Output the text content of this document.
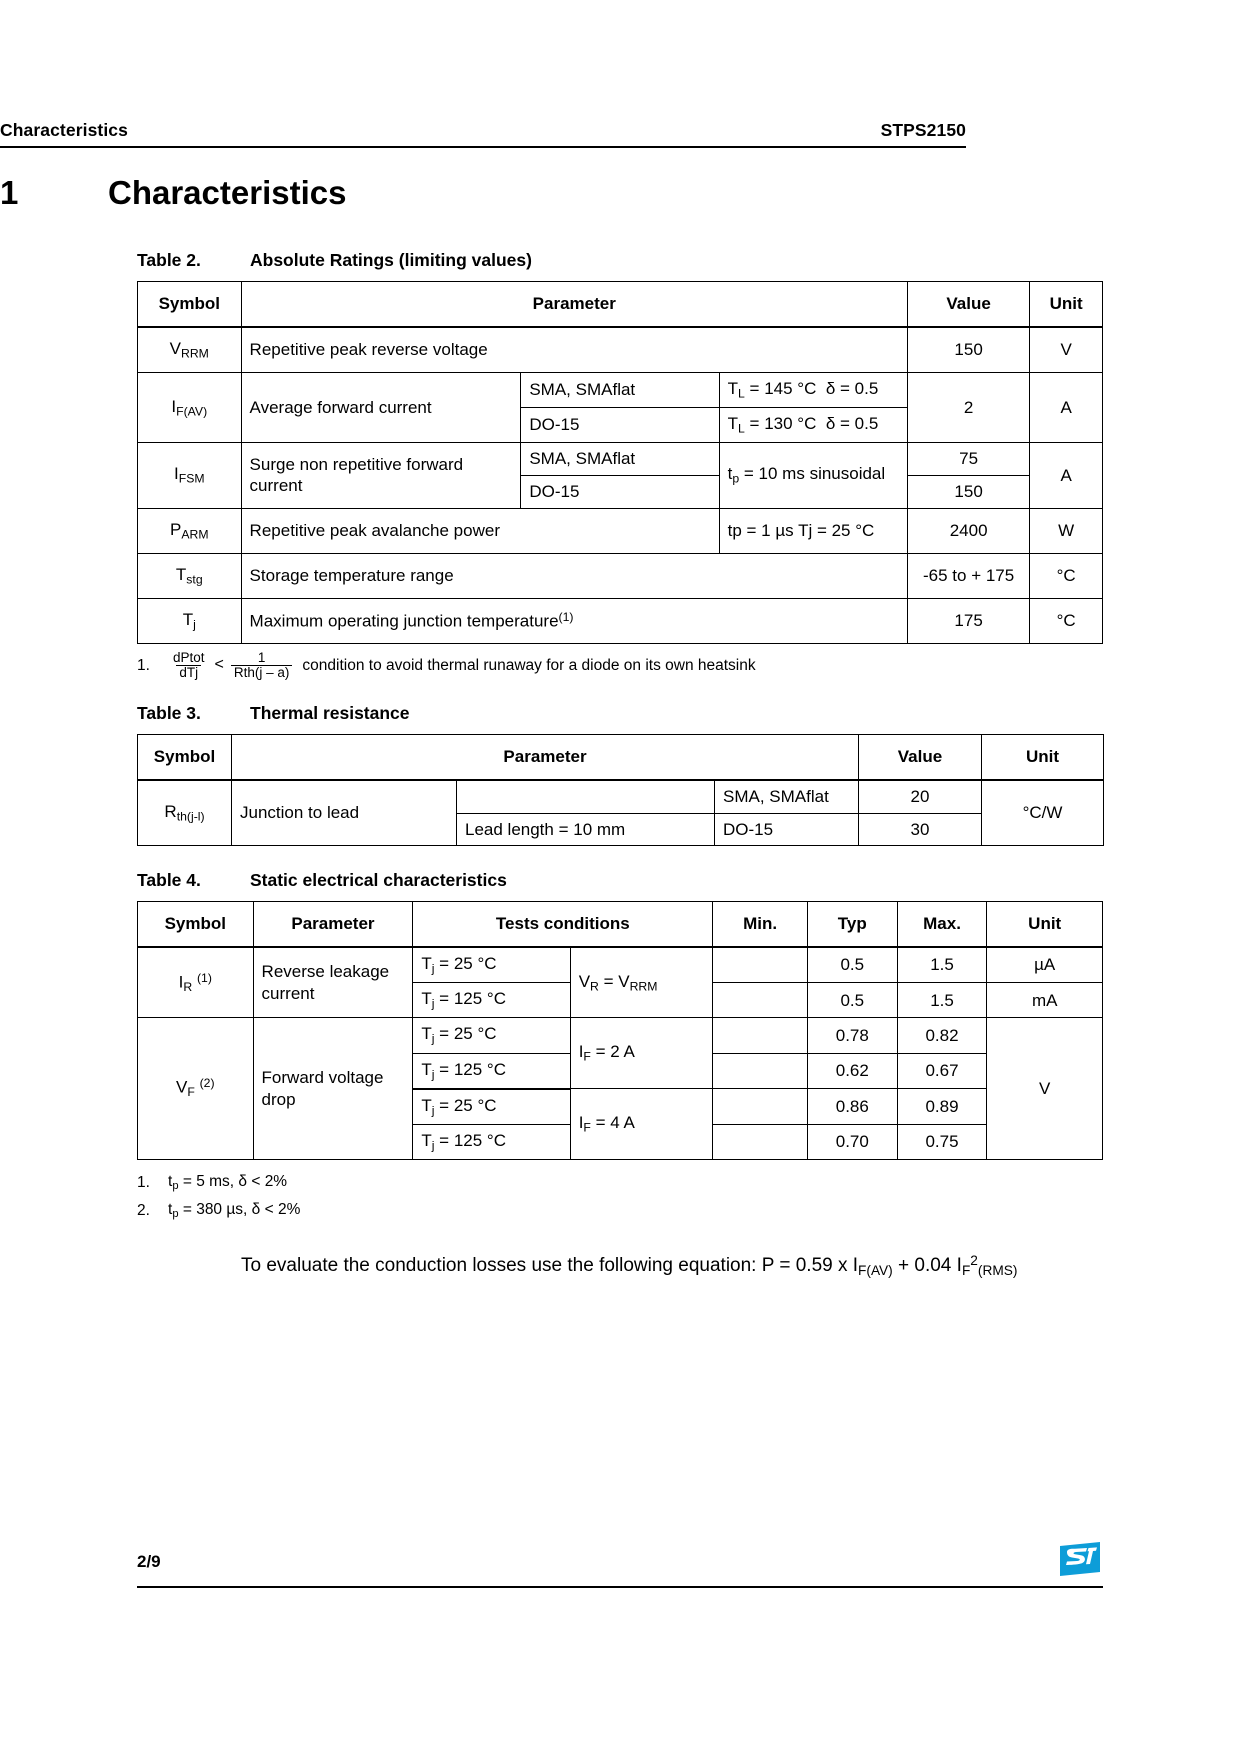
Characteristics	STPS2150
1	Characteristics
Table 2.	Absolute Ratings (limiting values)
Symbol	Parameter			Value	Unit
$V_{RRM}$	Repetitive peak reverse voltage			150	V
$I_{F(AV)}$	Average forward current	SMA, SMAflat	$T_L = 145$ °C δ = 0.5	2	A
		DO-15	$T_L = 130$ °C δ = 0.5		
$I_{FSM}$	Surge non repetitive forward current	SMA, SMAflat	$t_p = 10$ ms sinusoidal	75	A
		DO-15		150	
$P_{ARM}$	Repetitive peak avalanche power		tp = 1 µs Tj = 25 °C	2400	W
$T_{stg}$	Storage temperature range			-65 to + 175	°C
$T_j$	Maximum operating junction temperature$^{(1)}$			175	°C
1.	$\frac{\text{dPtot}}{\text{dTj}} < \frac{1}{\text{Rth(j – a)}}$ condition to avoid thermal runaway for a diode on its own heatsink
Table 3.	Thermal resistance
Symbol	Parameter			Value	Unit
$R_{th(j-l)}$	Junction to lead		SMA, SMAflat	20	°C/W
		Lead length = 10 mm	DO-15	30	
Table 4.	Static electrical characteristics
Symbol	Parameter	Tests conditions		Min.	Typ	Max.	Unit
$I_R$ $^{(1)}$	Reverse leakage current	$T_j = 25$ °C	$V_R = V_{RRM}$		0.5	1.5	µA
		$T_j = 125$ °C			0.5	1.5	mA
$V_F$ $^{(2)}$	Forward voltage drop	$T_j = 25$ °C	$I_F = 2$ A		0.78	0.82	V
		$T_j = 125$ °C			0.62	0.67	
		$T_j = 25$ °C	$I_F = 4$ A		0.86	0.89	
		$T_j = 125$ °C			0.70	0.75	
1.	$t_p = 5$ ms, δ < 2%
2.	$t_p = 380$ µs, δ < 2%
To evaluate the conduction losses use the following equation: P = 0.59 x $I_{F(AV)} + 0.04$ $I_F^2_{(RMS)}$
2/9
